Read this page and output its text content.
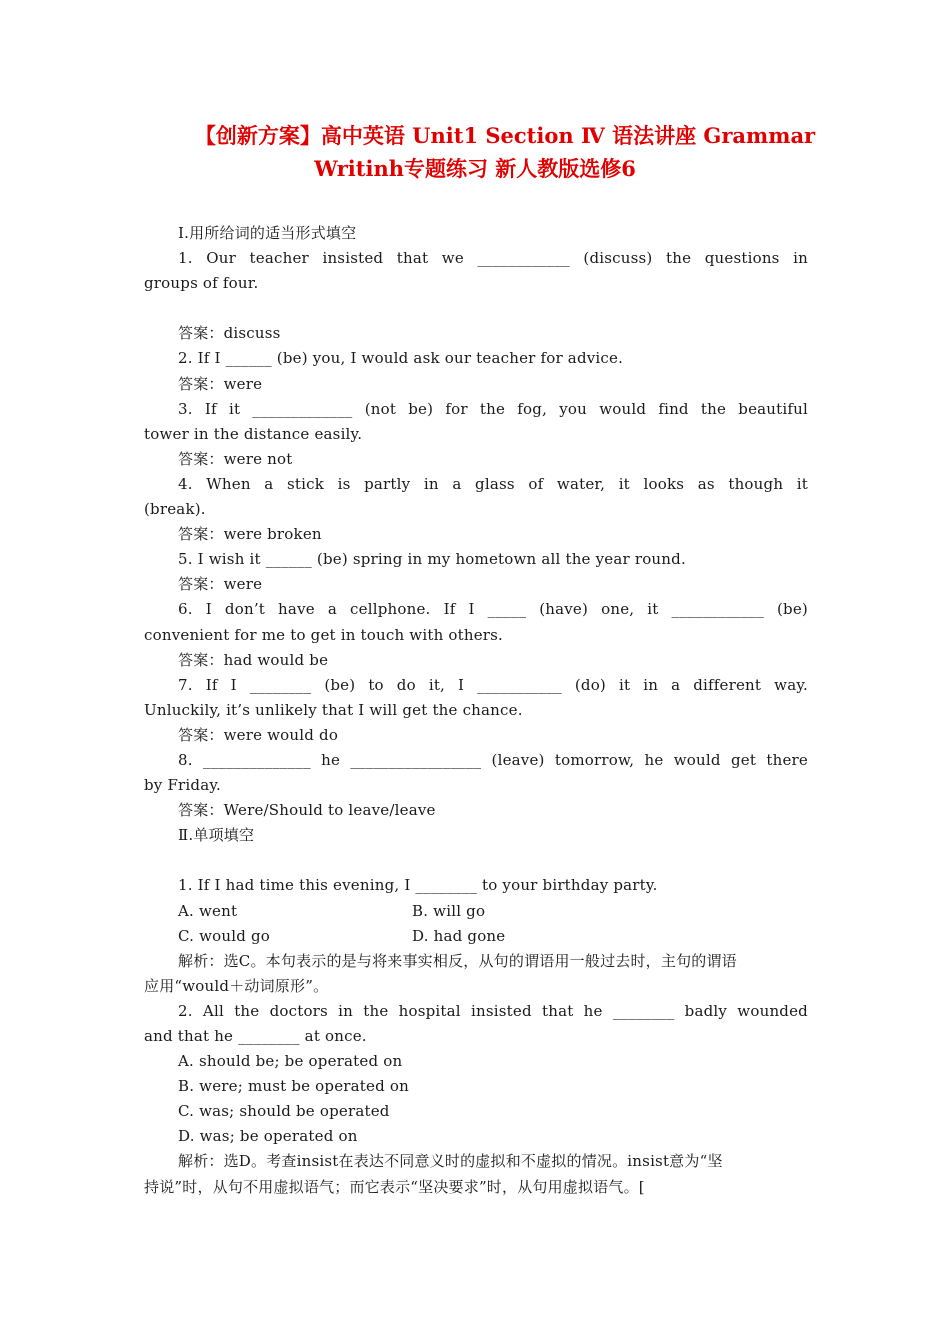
【创新方案】高中英语 Unit1 Section Ⅳ 语法讲座 Grammar
Writinh专题练习 新人教版选修6
Ⅰ.用所给词的适当形式填空
1. Our teacher insisted that we ____________ (discuss) the questions in
groups of four.
答案：discuss
2. If I ______ (be) you, I would ask our teacher for advice.
答案：were
3. If it _____________ (not be) for the fog, you would find the beautiful
tower in the distance easily.
答案：were not
4. When a stick is partly in a glass of water, it looks as though it
(break).
答案：were broken
5. I wish it ______ (be) spring in my hometown all the year round.
答案：were
6. I don’t have a cellphone. If I _____ (have) one, it ____________ (be)
convenient for me to get in touch with others.
答案：had would be
7. If I ________ (be) to do it, I ___________ (do) it in a different way.
Unluckily, it’s unlikely that I will get the chance.
答案：were would do
8. ______________ he _________________ (leave) tomorrow, he would get there
by Friday.
答案：Were/Should to leave/leave
Ⅱ.单项填空
1. If I had time this evening, I ________ to your birthday party.
A. went	B. will go
C. would go	D. had gone
解析：选C。本句表示的是与将来事实相反，从句的谓语用一般过去时，主句的谓语
应用“would＋动词原形”。
2. All the doctors in the hospital insisted that he ________ badly wounded
and that he ________ at once.
A. should be; be operated on
B. were; must be operated on
C. was; should be operated
D. was; be operated on
解析：选D。考查insist在表达不同意义时的虚拟和不虚拟的情况。insist意为“坚
持说”时，从句不用虚拟语气；而它表示“坚决要求”时，从句用虚拟语气。[
